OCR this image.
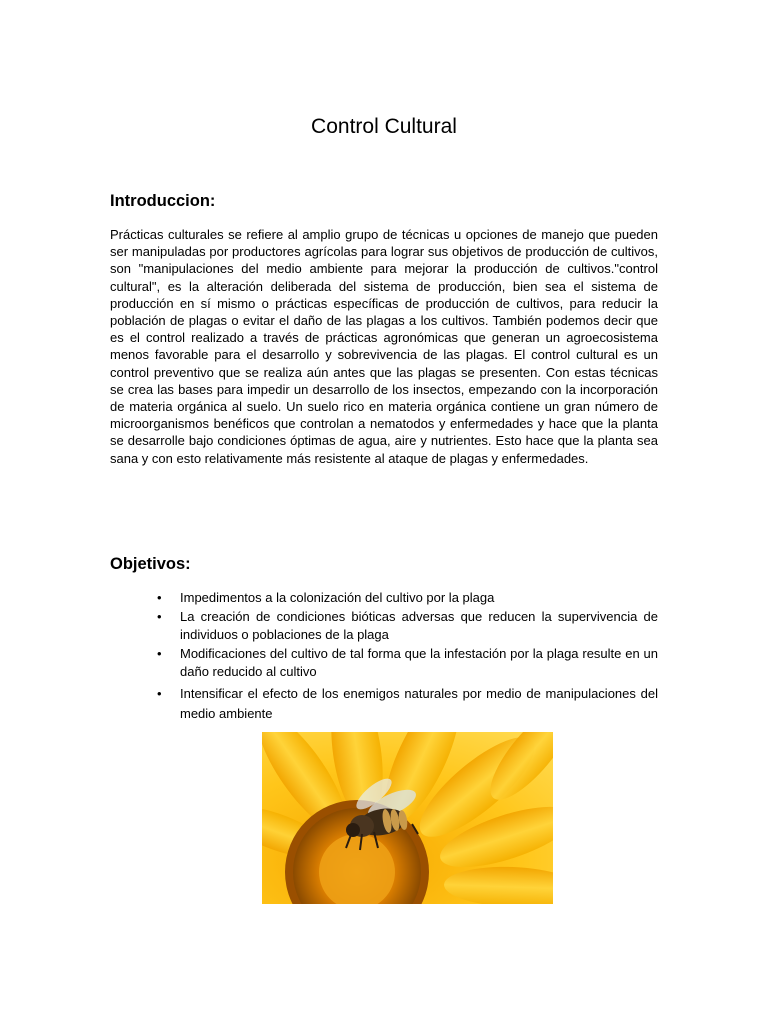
Control Cultural
Introduccion:

Prácticas culturales se refiere al amplio grupo de técnicas u opciones de manejo que pueden ser manipuladas por productores agrícolas para lograr sus objetivos de producción de cultivos, son "manipulaciones del medio ambiente para mejorar la producción de cultivos."control cultural", es la alteración deliberada del sistema de producción, bien sea el sistema de producción en sí mismo o prácticas específicas de producción de cultivos, para reducir la población de plagas o evitar el daño de las plagas a los cultivos. También podemos decir que es el control realizado a través de prácticas agronómicas que generan un agroecosistema menos favorable para el desarrollo y sobrevivencia de las plagas. El control cultural es un control preventivo que se realiza aún antes que las plagas se presenten. Con estas técnicas se crea las bases para impedir un desarrollo de los insectos, empezando con la incorporación de materia orgánica al suelo. Un suelo rico en materia orgánica contiene un gran número de microorganismos benéficos que controlan a nematodos y enfermedades y hace que la planta se desarrolle bajo condiciones óptimas de agua, aire y nutrientes. Esto hace que la planta sea sana y con esto relativamente más resistente al ataque de plagas y enfermedades.

Objetivos:
• Impedimentos a la colonización del cultivo por la plaga
• La creación de condiciones bióticas adversas que reducen la supervivencia de individuos o poblaciones de la plaga
• Modificaciones del cultivo de tal forma que la infestación por la plaga resulte en un daño reducido al cultivo
• Intensificar el efecto de los enemigos naturales por medio de manipulaciones del medio ambiente
